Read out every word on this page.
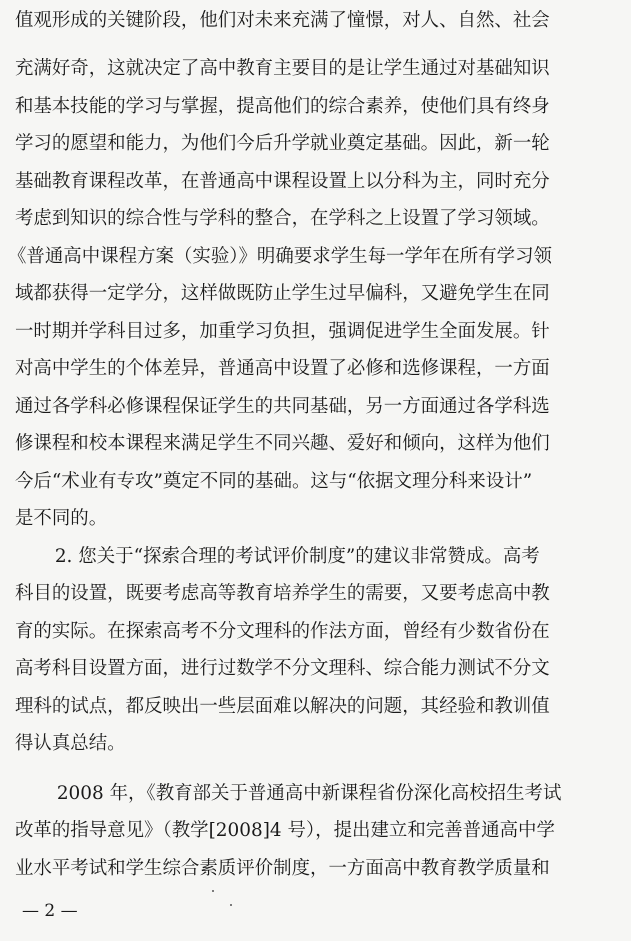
值观形成的关键阶段，他们对未来充满了憧憬，对人、自然、社会
充满好奇，这就决定了高中教育主要目的是让学生通过对基础知识
和基本技能的学习与掌握，提高他们的综合素养，使他们具有终身
学习的愿望和能力，为他们今后升学就业奠定基础。因此，新一轮
基础教育课程改革，在普通高中课程设置上以分科为主，同时充分
考虑到知识的综合性与学科的整合，在学科之上设置了学习领域。
《普通高中课程方案（实验）》明确要求学生每一学年在所有学习领
域都获得一定学分，这样做既防止学生过早偏科，又避免学生在同
一时期并学科目过多，加重学习负担，强调促进学生全面发展。针
对高中学生的个体差异，普通高中设置了必修和选修课程，一方面
通过各学科必修课程保证学生的共同基础，另一方面通过各学科选
修课程和校本课程来满足学生不同兴趣、爱好和倾向，这样为他们
今后“术业有专攻”奠定不同的基础。这与“依据文理分科来设计”
是不同的。
2. 您关于“探索合理的考试评价制度”的建议非常赞成。高考
科目的设置，既要考虑高等教育培养学生的需要，又要考虑高中教
育的实际。在探索高考不分文理科的作法方面，曾经有少数省份在
高考科目设置方面，进行过数学不分文理科、综合能力测试不分文
理科的试点，都反映出一些层面难以解决的问题，其经验和教训值
得认真总结。
2008 年，《教育部关于普通高中新课程省份深化高校招生考试
改革的指导意见》（教学[2008]4 号），提出建立和完善普通高中学
业水平考试和学生综合素质评价制度，一方面高中教育教学质量和
— 2 —
